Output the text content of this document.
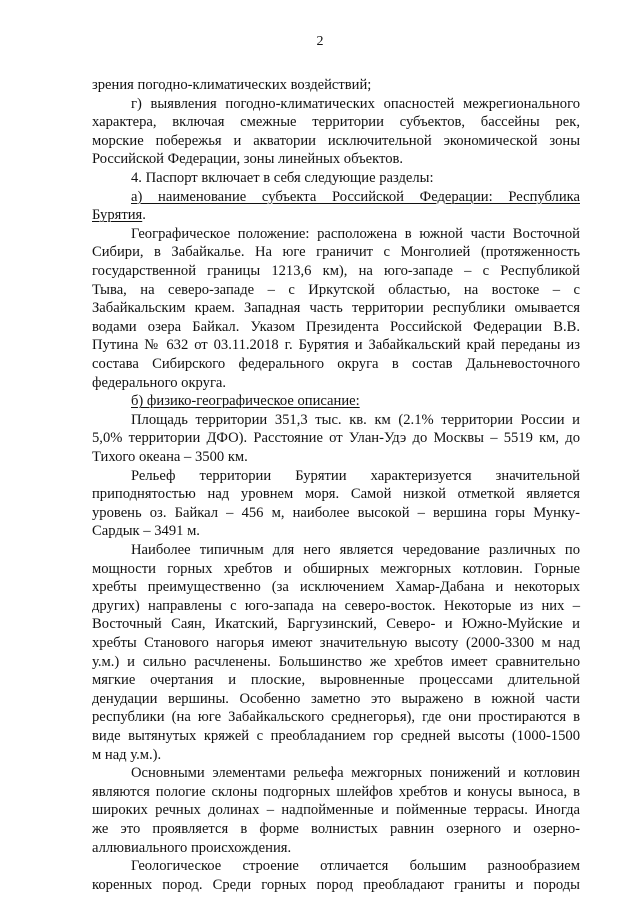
2
зрения погодно-климатических воздействий;
г) выявления погодно-климатических опасностей межрегионального
характера, включая смежные территории субъектов, бассейны рек,
морские побережья и акватории исключительной экономической зоны
Российской Федерации, зоны линейных объектов.
4. Паспорт включает в себя следующие разделы:
а) наименование субъекта Российской Федерации: Республика
Бурятия.
Географическое положение: расположена в южной части Восточной
Сибири, в Забайкалье. На юге граничит с Монголией (протяженность
государственной границы 1213,6 км), на юго-западе – с Республикой
Тыва, на северо-западе – с Иркутской областью, на востоке – с
Забайкальским краем. Западная часть территории республики омывается
водами озера Байкал. Указом Президента Российской Федерации В.В.
Путина № 632 от 03.11.2018 г. Бурятия и Забайкальский край переданы из
состава Сибирского федерального округа в состав Дальневосточного
федерального округа.
б) физико-географическое описание:
Площадь территории 351,3 тыс. кв. км (2.1% территории России и
5,0% территории ДФО). Расстояние от Улан-Удэ до Москвы – 5519 км, до
Тихого океана – 3500 км.
Рельеф территории Бурятии характеризуется значительной
приподнятостью над уровнем моря. Самой низкой отметкой является
уровень оз. Байкал – 456 м, наиболее высокой – вершина горы Мунку-
Сардык – 3491 м.
Наиболее типичным для него является чередование различных по
мощности горных хребтов и обширных межгорных котловин. Горные
хребты преимущественно (за исключением Хамар-Дабана и некоторых
других) направлены с юго-запада на северо-восток. Некоторые из них –
Восточный Саян, Икатский, Баргузинский, Северо- и Южно-Муйские и
хребты Станового нагорья имеют значительную высоту (2000-3300 м над
у.м.) и сильно расчленены. Большинство же хребтов имеет сравнительно
мягкие очертания и плоские, выровненные процессами длительной
денудации вершины. Особенно заметно это выражено в южной части
республики (на юге Забайкальского среднегорья), где они простираются в
виде вытянутых кряжей с преобладанием гор средней высоты (1000-1500
м над у.м.).
Основными элементами рельефа межгорных понижений и котловин
являются пологие склоны подгорных шлейфов хребтов и конусы выноса, в
широких речных долинах – надпойменные и пойменные террасы. Иногда
же это проявляется в форме волнистых равнин озерного и озерно-
аллювиального происхождения.
Геологическое строение отличается большим разнообразием
коренных пород. Среди горных пород преобладают граниты и породы
